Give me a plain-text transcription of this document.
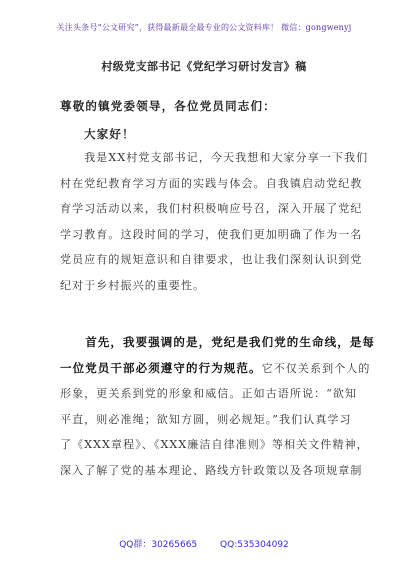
关注头条号“公文研究”，获得最新最全最专业的公文资料库！ 微信：gongwenyj
村级党支部书记《党纪学习研讨发言》稿
尊敬的镇党委领导，各位党员同志们：
大家好！
　　我是XX村党支部书记，今天我想和大家分享一下我们
村在党纪教育学习方面的实践与体会。自我镇启动党纪教
育学习活动以来，我们村积极响应号召，深入开展了党纪
学习教育。这段时间的学习，使我们更加明确了作为一名
党员应有的规矩意识和自律要求，也让我们深刻认识到党
纪对于乡村振兴的重要性。
　　首先，我要强调的是，党纪是我们党的生命线，是每
一位党员干部必须遵守的行为规范。它不仅关系到个人的
形象，更关系到党的形象和威信。正如古语所说：“欲知
平直，则必准绳；欲知方圆，则必规矩。”我们认真学习
了《XXX章程》、《XXX廉洁自律准则》等相关文件精神，
深入了解了党的基本理论、路线方针政策以及各项规章制
QQ群：30265665	QQ:535304092
